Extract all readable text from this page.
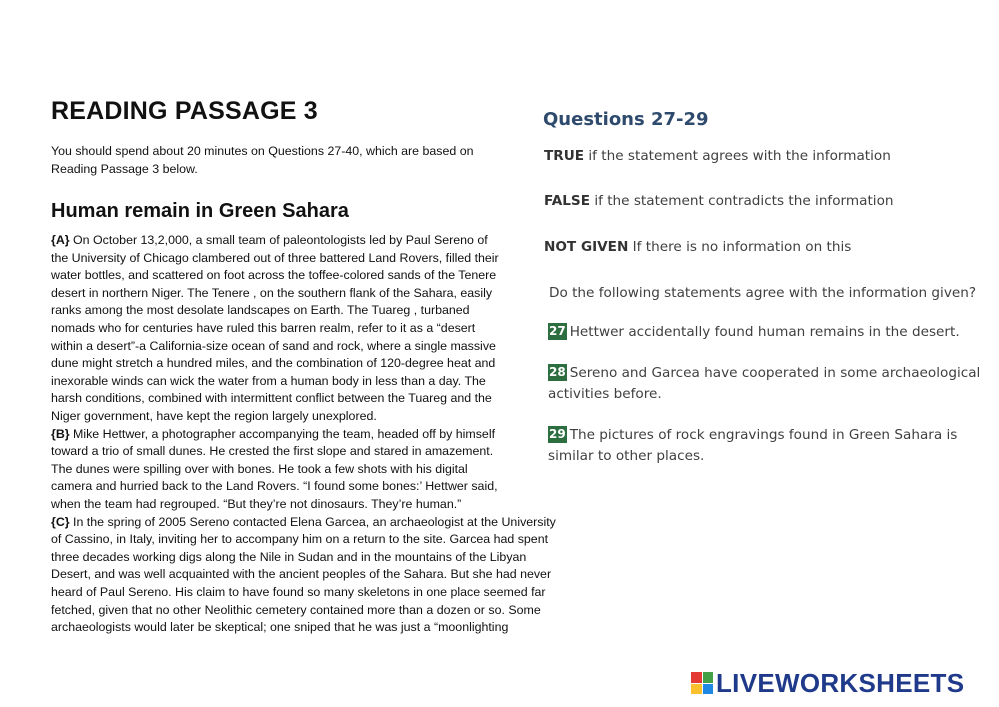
READING PASSAGE 3

You should spend about 20 minutes on Questions 27-40, which are based on Reading Passage 3 below.

Human remain in Green Sahara
{A} On October 13,2,000, a small team of paleontologists led by Paul Sereno of
the University of Chicago clambered out of three battered Land Rovers, filled their
water bottles, and scattered on foot across the toffee-colored sands of the Tenere
desert in northern Niger. The Tenere , on the southern flank of the Sahara, easily
ranks among the most desolate landscapes on Earth. The Tuareg , turbaned
nomads who for centuries have ruled this barren realm, refer to it as a “desert
within a desert”-a California-size ocean of sand and rock, where a single massive
dune might stretch a hundred miles, and the combination of 120-degree heat and
inexorable winds can wick the water from a human body in less than a day. The
harsh conditions, combined with intermittent conflict between the Tuareg and the
Niger government, have kept the region largely unexplored.
{B} Mike Hettwer, a photographer accompanying the team, headed off by himself
toward a trio of small dunes. He crested the first slope and stared in amazement.
The dunes were spilling over with bones. He took a few shots with his digital
camera and hurried back to the Land Rovers. “I found some bones:’ Hettwer said,
when the team had regrouped. “But they’re not dinosaurs. They’re human.”
{C} In the spring of 2005 Sereno contacted Elena Garcea, an archaeologist at the University
of Cassino, in Italy, inviting her to accompany him on a return to the site. Garcea had spent
three decades working digs along the Nile in Sudan and in the mountains of the Libyan
Desert, and was well acquainted with the ancient peoples of the Sahara. But she had never
heard of Paul Sereno. His claim to have found so many skeletons in one place seemed far
fetched, given that no other Neolithic cemetery contained more than a dozen or so. Some
archaeologists would later be skeptical; one sniped that he was just a “moonlighting
Questions 27-29
TRUE if the statement agrees with the information
FALSE if the statement contradicts the information
NOT GIVEN If there is no information on this
Do the following statements agree with the information given?
27 Hettwer accidentally found human remains in the desert.
28 Sereno and Garcea have cooperated in some archaeological activities before.
29 The pictures of rock engravings found in Green Sahara is similar to other places.
LIVEWORKSHEETS
